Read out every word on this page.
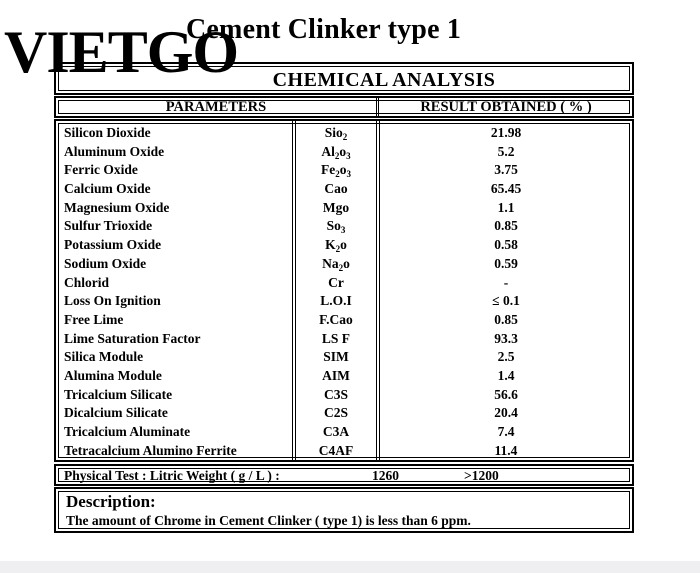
Cement Clinker type 1
CHEMICAL ANALYSIS
VIETGO
PARAMETERS	RESULT OBTAINED ( % )
Silicon Dioxide	Sio$_2$	21.98
Aluminum Oxide	$Al_2o_3$	5.2
Ferric Oxide	$Fe_2o_3$	3.75
Calcium Oxide	Cao	65.45
Magnesium Oxide	Mgo	1.1
Sulfur Trioxide	$So_3$	0.85
Potassium Oxide	$K_2o$	0.58
Sodium Oxide	$Na_2o$	0.59
Chlorid	Cr	-
Loss On Ignition	L.O.I	≤ 0.1
Free Lime	F.Cao	0.85
Lime Saturation Factor	LS F	93.3
Silica Module	SIM	2.5
Alumina Module	AIM	1.4
Tricalcium Silicate	C3S	56.6
Dicalcium Silicate	C2S	20.4
Tricalcium Aluminate	C3A	7.4
Tetracalcium Alumino Ferrite	C4AF	11.4
Physical Test : Litric Weight ( g / L ) :	1260	>1200
Description:
The amount of Chrome in Cement Clinker ( type 1) is less than 6 ppm.
